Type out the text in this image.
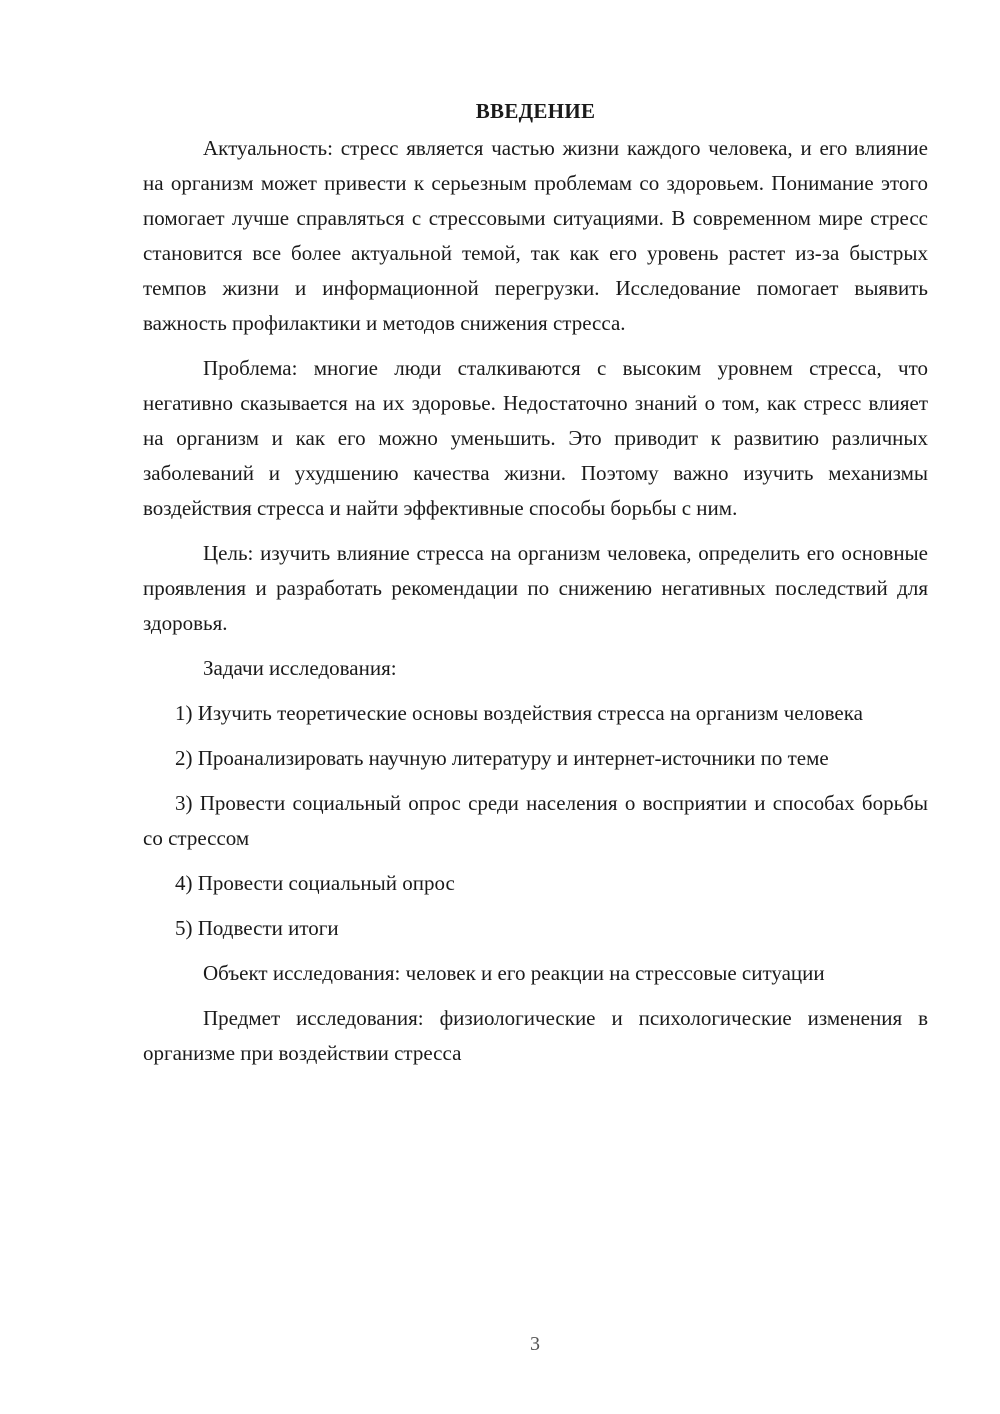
ВВЕДЕНИЕ

Актуальность: стресс является частью жизни каждого человека, и его влияние на организм может привести к серьезным проблемам со здоровьем. Понимание этого помогает лучше справляться с стрессовыми ситуациями. В современном мире стресс становится все более актуальной темой, так как его уровень растет из-за быстрых темпов жизни и информационной перегрузки. Исследование помогает выявить важность профилактики и методов снижения стресса.

Проблема: многие люди сталкиваются с высоким уровнем стресса, что негативно сказывается на их здоровье. Недостаточно знаний о том, как стресс влияет на организм и как его можно уменьшить. Это приводит к развитию различных заболеваний и ухудшению качества жизни. Поэтому важно изучить механизмы воздействия стресса и найти эффективные способы борьбы с ним.

Цель: изучить влияние стресса на организм человека, определить его основные проявления и разработать рекомендации по снижению негативных последствий для здоровья.

Задачи исследования:

1) Изучить теоретические основы воздействия стресса на организм человека

2) Проанализировать научную литературу и интернет-источники по теме

3) Провести социальный опрос среди населения о восприятии и способах борьбы со стрессом

4) Провести социальный опрос

5) Подвести итоги

Объект исследования: человек и его реакции на стрессовые ситуации

Предмет исследования: физиологические и психологические изменения в организме при воздействии стресса

3
